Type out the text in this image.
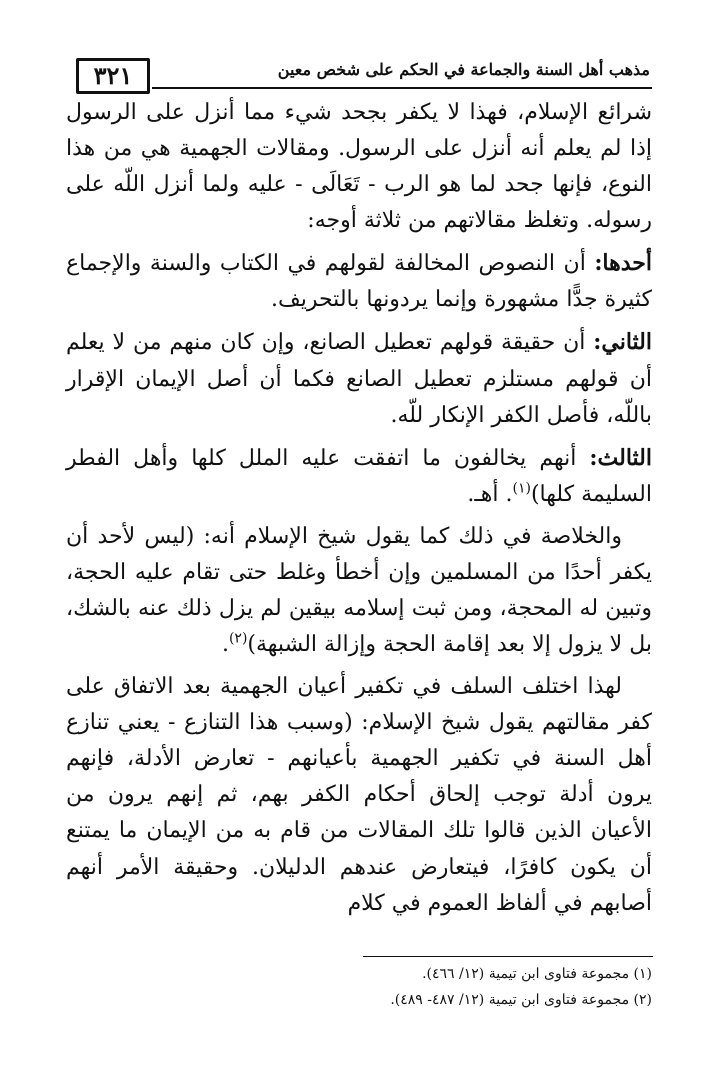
٣٢١	مذهب أهل السنة والجماعة في الحكم على شخص معين

شرائع الإسلام، فهذا لا يكفر بجحد شيء مما أنزل على الرسول إذا لم يعلم أنه أنزل على الرسول. ومقالات الجهمية هي من هذا النوع، فإنها جحد لما هو الرب - تَعَالَى - عليه ولما أنزل اللّه على رسوله. وتغلظ مقالاتهم من ثلاثة أوجه:

أحدها: أن النصوص المخالفة لقولهم في الكتاب والسنة والإجماع كثيرة جدًّا مشهورة وإنما يردونها بالتحريف.

الثاني: أن حقيقة قولهم تعطيل الصانع، وإن كان منهم من لا يعلم أن قولهم مستلزم تعطيل الصانع فكما أن أصل الإيمان الإقرار باللّه، فأصل الكفر الإنكار للّه.

الثالث: أنهم يخالفون ما اتفقت عليه الملل كلها وأهل الفطر السليمة كلها)$^{(١)}$. أهـ.

والخلاصة في ذلك كما يقول شيخ الإسلام أنه: (ليس لأحد أن يكفر أحدًا من المسلمين وإن أخطأ وغلط حتى تقام عليه الحجة، وتبين له المحجة، ومن ثبت إسلامه بيقين لم يزل ذلك عنه بالشك، بل لا يزول إلا بعد إقامة الحجة وإزالة الشبهة)$^{(٢)}$.

لهذا اختلف السلف في تكفير أعيان الجهمية بعد الاتفاق على كفر مقالتهم يقول شيخ الإسلام: (وسبب هذا التنازع - يعني تنازع أهل السنة في تكفير الجهمية بأعيانهم - تعارض الأدلة، فإنهم يرون أدلة توجب إلحاق أحكام الكفر بهم، ثم إنهم يرون من الأعيان الذين قالوا تلك المقالات من قام به من الإيمان ما يمتنع أن يكون كافرًا، فيتعارض عندهم الدليلان. وحقيقة الأمر أنهم أصابهم في ألفاظ العموم في كلام

(١) مجموعة فتاوى ابن تيمية (١٢/ ٤٦٦).
(٢) مجموعة فتاوى ابن تيمية (١٢/ ٤٨٧- ٤٨٩).
